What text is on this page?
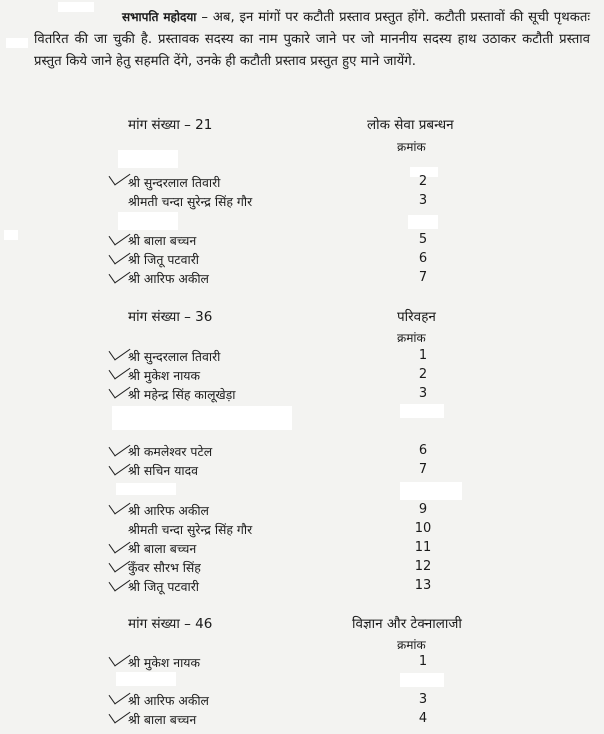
सभापति महोदया – अब, इन मांगों पर कटौती प्रस्ताव प्रस्तुत होंगे. कटौती प्रस्तावों की सूची पृथकतः वितरित की जा चुकी है. प्रस्तावक सदस्य का नाम पुकारे जाने पर जो माननीय सदस्य हाथ उठाकर कटौती प्रस्ताव प्रस्तुत किये जाने हेतु सहमति देंगे, उनके ही कटौती प्रस्ताव प्रस्तुत हुए माने जायेंगे.
मांग संख्या – 21	लोक सेवा प्रबन्धन
क्रमांक
श्री सुन्दरलाल तिवारी	2
श्रीमती चन्दा सुरेन्द्र सिंह गौर	3
श्री बाला बच्चन	5
श्री जितू पटवारी	6
श्री आरिफ अकील	7
मांग संख्या – 36	परिवहन
क्रमांक
श्री सुन्दरलाल तिवारी	1
श्री मुकेश नायक	2
श्री महेन्द्र सिंह कालूखेड़ा	3
श्री कमलेश्वर पटेल	6
श्री सचिन यादव	7
श्री आरिफ अकील	9
श्रीमती चन्दा सुरेन्द्र सिंह गौर	10
श्री बाला बच्चन	11
कुँवर सौरभ सिंह	12
श्री जितू पटवारी	13
मांग संख्या – 46	विज्ञान और टेक्नालाजी
क्रमांक
श्री मुकेश नायक	1
श्री आरिफ अकील	3
श्री बाला बच्चन	4
